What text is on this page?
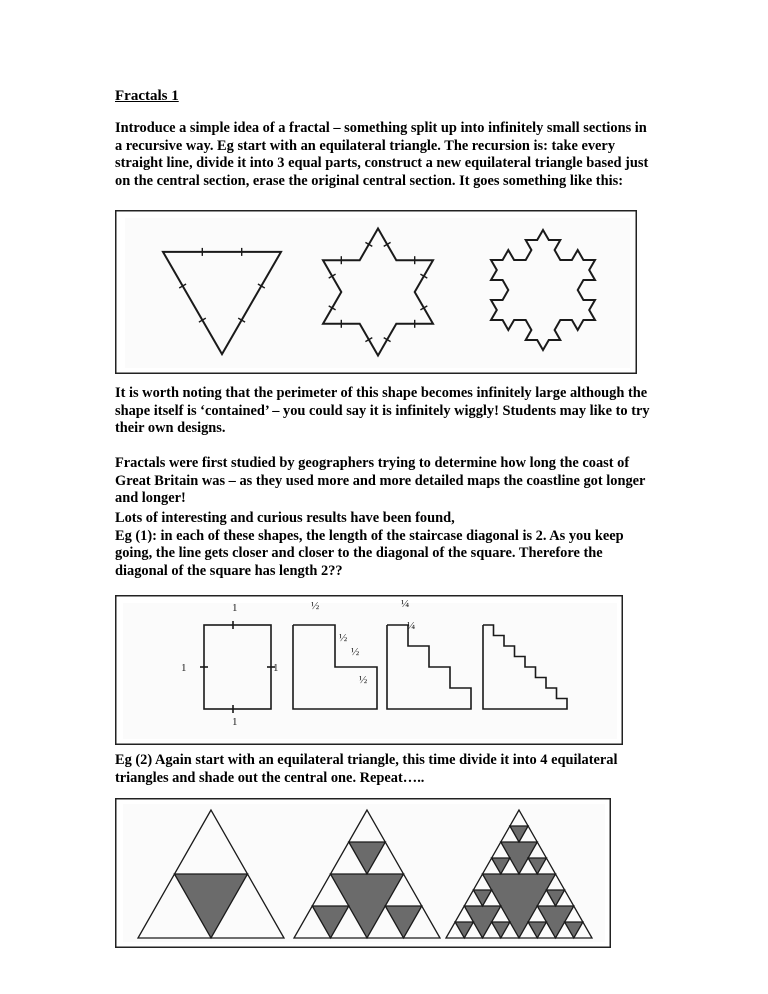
Fractals 1

Introduce a simple idea of a fractal – something split up into infinitely small sections in a recursive way. Eg start with an equilateral triangle. The recursion is: take every straight line, divide it into 3 equal parts, construct a new equilateral triangle based just on the central section, erase the original central section. It goes something like this:

It is worth noting that the perimeter of this shape becomes infinitely large although the shape itself is ‘contained’ – you could say it is infinitely wiggly! Students may like to try their own designs.

Fractals were first studied by geographers trying to determine how long the coast of Great Britain was – as they used more and more detailed maps the coastline got longer and longer!

Lots of interesting and curious results have been found,

Eg (1): in each of these shapes, the length of the staircase diagonal is 2. As you keep going, the line gets closer and closer to the diagonal of the square. Therefore the diagonal of the square has length 2??

1
1	1
1
½
½
½
½
¼
¼

Eg (2) Again start with an equilateral triangle, this time divide it into 4 equilateral triangles and shade out the central one. Repeat…..
